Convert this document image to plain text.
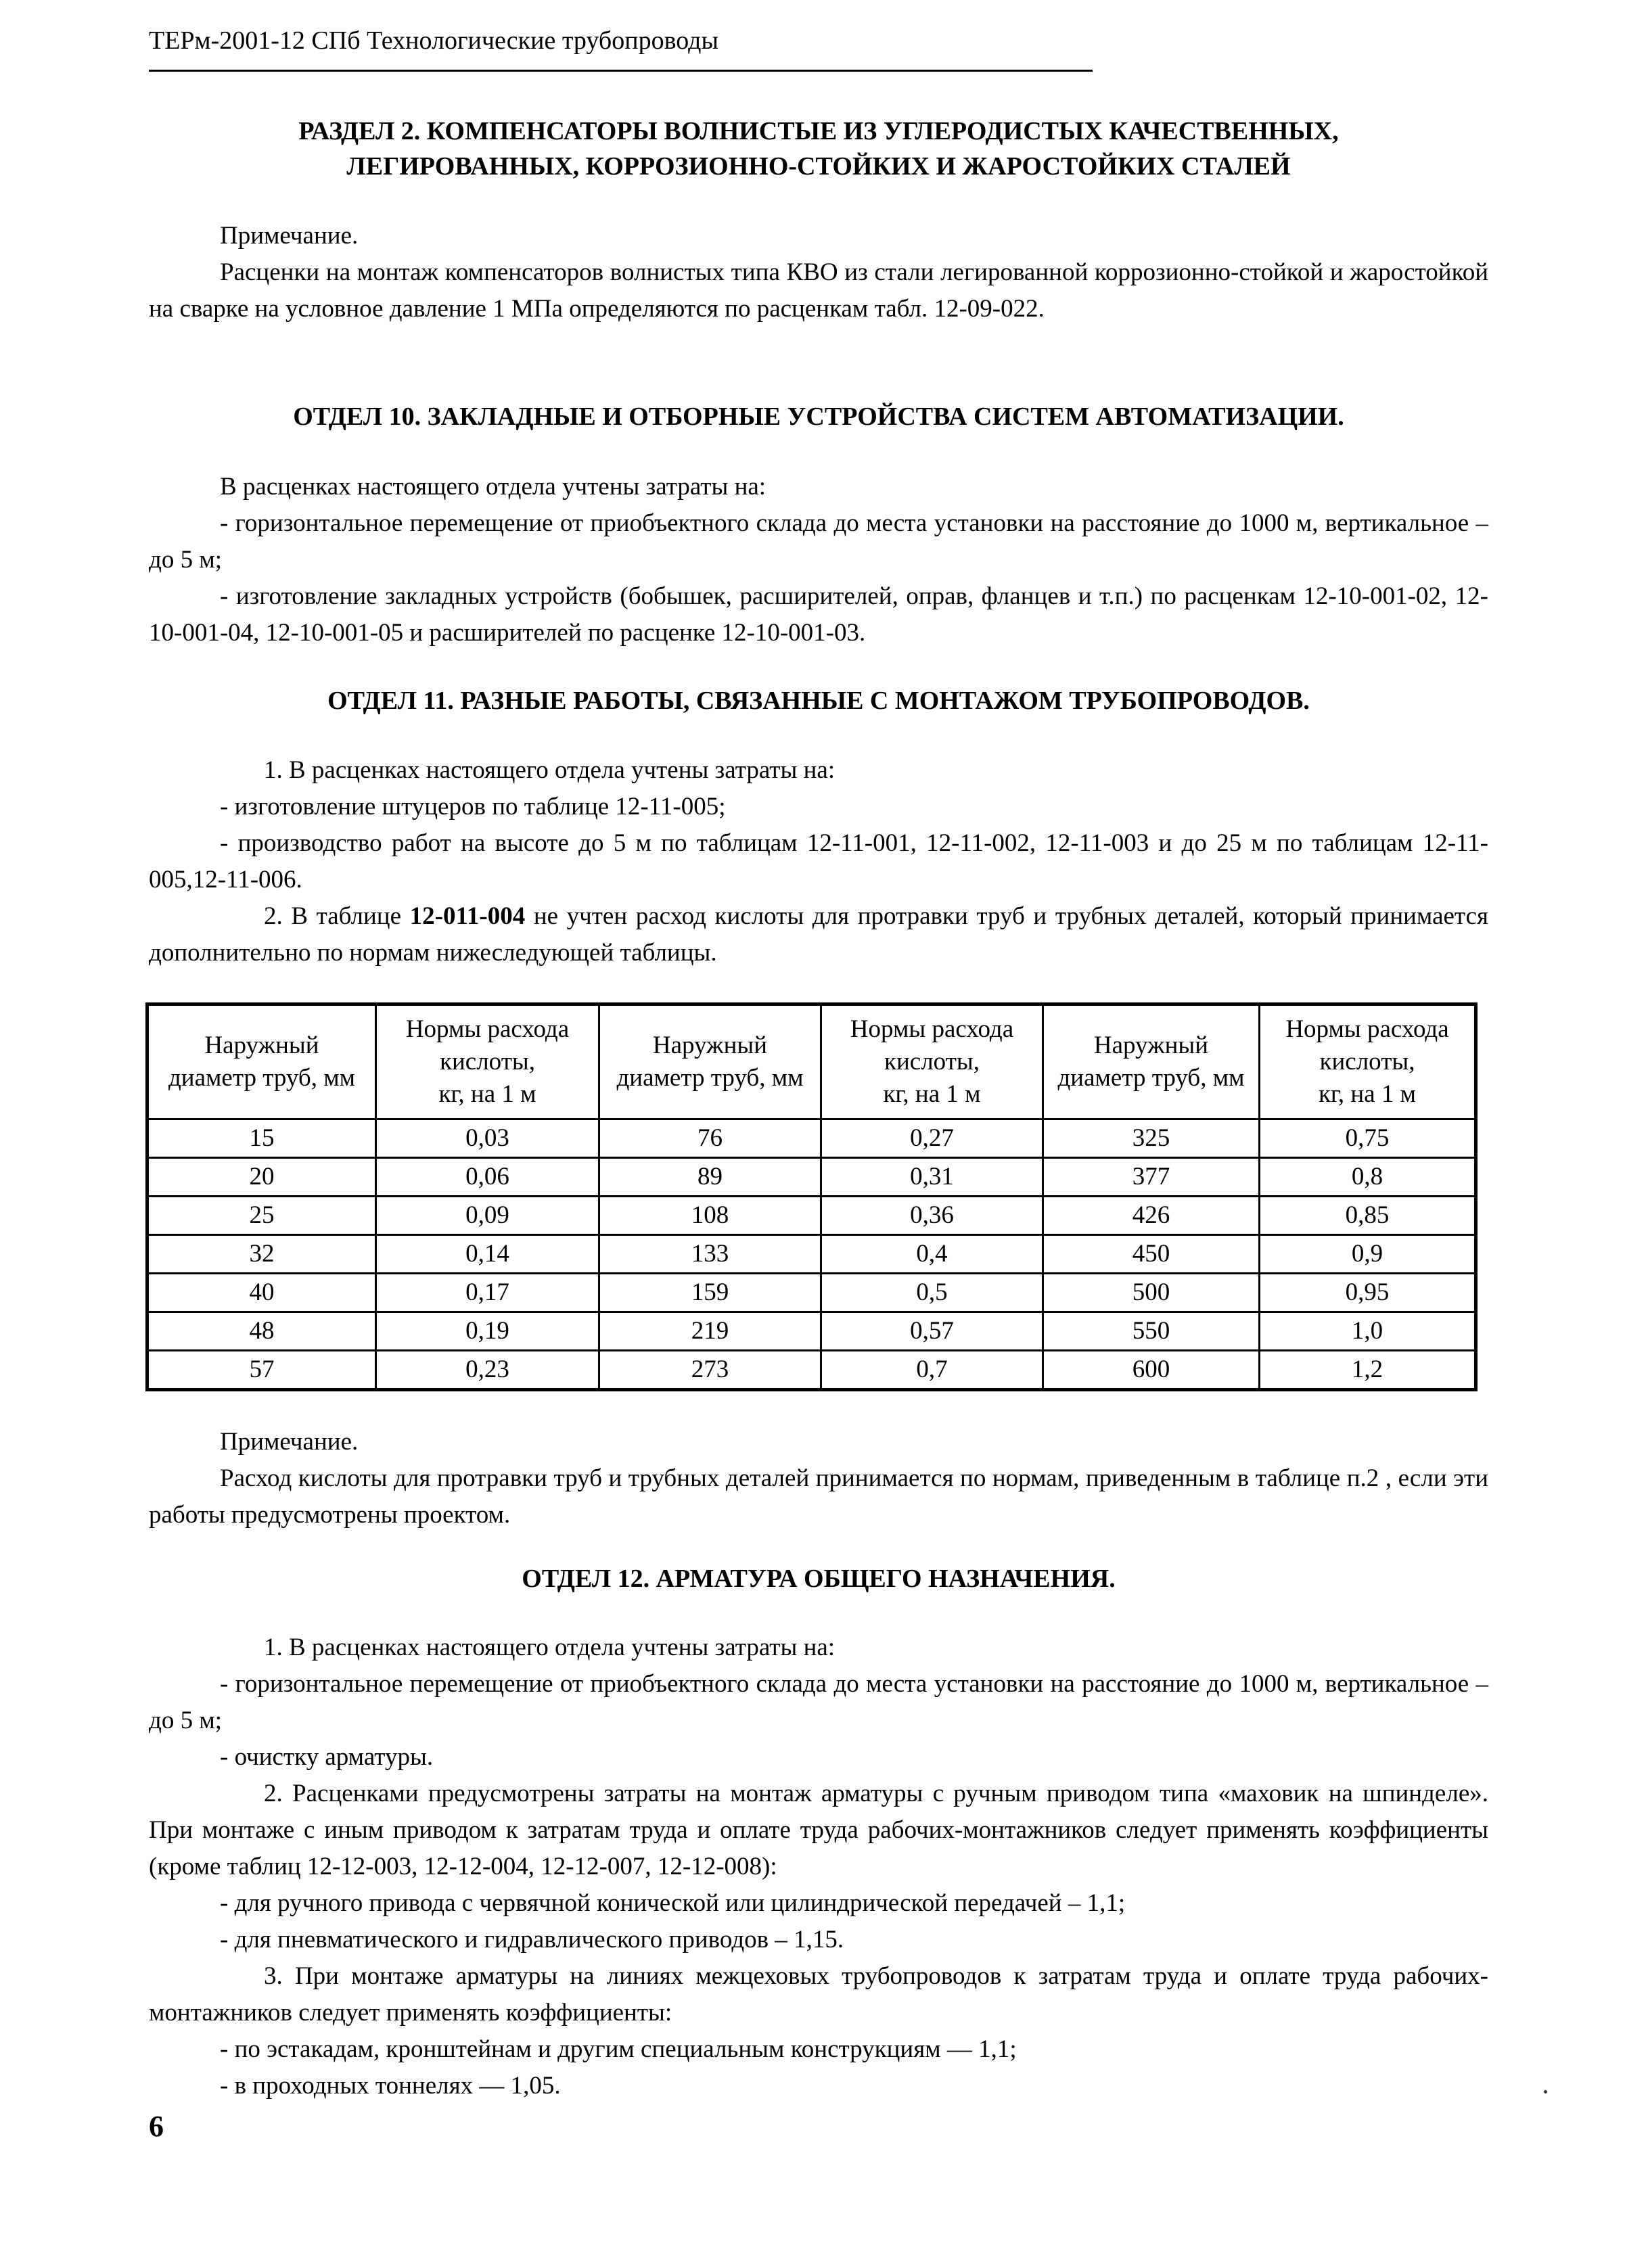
ТЕРм-2001-12 СПб Технологические трубопроводы
РАЗДЕЛ 2. КОМПЕНСАТОРЫ ВОЛНИСТЫЕ ИЗ УГЛЕРОДИСТЫХ КАЧЕСТВЕННЫХ,
ЛЕГИРОВАННЫХ, КОРРОЗИОННО-СТОЙКИХ И ЖАРОСТОЙКИХ СТАЛЕЙ

Примечание.

Расценки на монтаж компенсаторов волнистых типа КВО из стали легированной коррозионно-стойкой и жаростойкой на сварке на условное давление 1 МПа определяются по расценкам табл. 12-09-022.

ОТДЕЛ 10. ЗАКЛАДНЫЕ И ОТБОРНЫЕ УСТРОЙСТВА СИСТЕМ АВТОМАТИЗАЦИИ.

В расценках настоящего отдела учтены затраты на:

- горизонтальное перемещение от приобъектного склада до места установки на расстояние до 1000 м, вертикальное – до 5 м;

- изготовление закладных устройств (бобышек, расширителей, оправ, фланцев и т.п.) по расценкам 12-10-001-02, 12-10-001-04, 12-10-001-05 и расширителей по расценке 12-10-001-03.

ОТДЕЛ 11. РАЗНЫЕ РАБОТЫ, СВЯЗАННЫЕ С МОНТАЖОМ ТРУБОПРОВОДОВ.

1. В расценках настоящего отдела учтены затраты на:

- изготовление штуцеров по таблице 12-11-005;

- производство работ на высоте до 5 м по таблицам 12-11-001, 12-11-002, 12-11-003 и до 25 м по таблицам 12-11-005,12-11-006.

2. В таблице 12-011-004 не учтен расход кислоты для протравки труб и трубных деталей, который принимается дополнительно по нормам нижеследующей таблицы.

Наружный
диаметр труб, мм	Нормы расхода
кислоты,
кг, на 1 м	Наружный
диаметр труб, мм	Нормы расхода
кислоты,
кг, на 1 м	Наружный
диаметр труб, мм	Нормы расхода
кислоты,
кг, на 1 м
15	0,03	76	0,27	325	0,75
20	0,06	89	0,31	377	0,8
25	0,09	108	0,36	426	0,85
32	0,14	133	0,4	450	0,9
40	0,17	159	0,5	500	0,95
48	0,19	219	0,57	550	1,0
57	0,23	273	0,7	600	1,2

Примечание.

Расход кислоты для протравки труб и трубных деталей принимается по нормам, приведенным в таблице п.2 , если эти работы предусмотрены проектом.

ОТДЕЛ 12. АРМАТУРА ОБЩЕГО НАЗНАЧЕНИЯ.

1. В расценках настоящего отдела учтены затраты на:

- горизонтальное перемещение от приобъектного склада до места установки на расстояние до 1000 м, вертикальное – до 5 м;

- очистку арматуры.

2. Расценками предусмотрены затраты на монтаж арматуры с ручным приводом типа «маховик на шпинделе». При монтаже с иным приводом к затратам труда и оплате труда рабочих-монтажников следует применять коэффициенты (кроме таблиц 12-12-003, 12-12-004, 12-12-007, 12-12-008):

- для ручного привода с червячной конической или цилиндрической передачей – 1,1;

- для пневматического и гидравлического приводов – 1,15.

3. При монтаже арматуры на линиях межцеховых трубопроводов к затратам труда и оплате труда рабочих-монтажников следует применять коэффициенты:

- по эстакадам, кронштейнам и другим специальным конструкциям — 1,1;

- в проходных тоннелях — 1,05.

6
